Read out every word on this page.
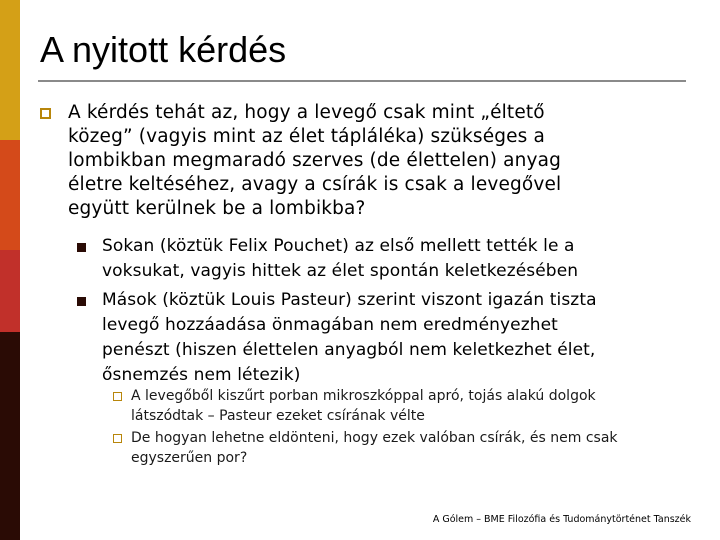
A nyitott kérdés
A kérdés tehát az, hogy a levegő csak mint „éltető
közeg” (vagyis mint az élet tápláléka) szükséges a
lombikban megmaradó szerves (de élettelen) anyag
életre keltéséhez, avagy a csírák is csak a levegővel
együtt kerülnek be a lombikba?
Sokan (köztük Felix Pouchet) az első mellett tették le a
voksukat, vagyis hittek az élet spontán keletkezésében
Mások (köztük Louis Pasteur) szerint viszont igazán tiszta
levegő hozzáadása önmagában nem eredményezhet
penészt (hiszen élettelen anyagból nem keletkezhet élet,
ősnemzés nem létezik)
A levegőből kiszűrt porban mikroszkóppal apró, tojás alakú dolgok
látszódtak – Pasteur ezeket csírának vélte
De hogyan lehetne eldönteni, hogy ezek valóban csírák, és nem csak
egyszerűen por?
A Gólem – BME Filozófia és Tudománytörténet Tanszék
